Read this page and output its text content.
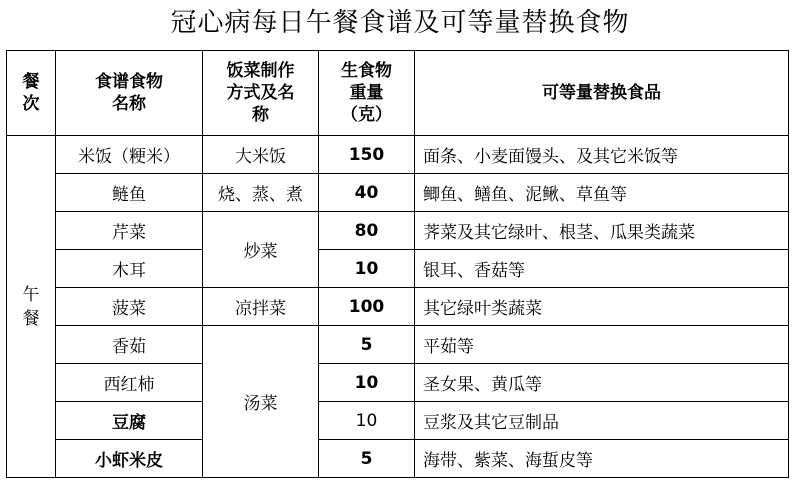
冠心病每日午餐食谱及可等量替换食物
餐
次	食谱食物
名称	饭菜制作
方式及名
称	生食物
重量
（克）	可等量替换食品
午
餐	米饭（粳米）	大米饭	150	面条、小麦面馒头、及其它米饭等
	鲢鱼	烧、蒸、煮	40	鲫鱼、鳝鱼、泥鳅、草鱼等
	芹菜	炒菜	80	荠菜及其它绿叶、根茎、瓜果类蔬菜
	木耳		10	银耳、香菇等
	菠菜	凉拌菜	100	其它绿叶类蔬菜
	香茹	汤菜	5	平茹等
	西红柿		10	圣女果、黄瓜等
	豆腐		10	豆浆及其它豆制品
	小虾米皮		5	海带、紫菜、海蜇皮等
